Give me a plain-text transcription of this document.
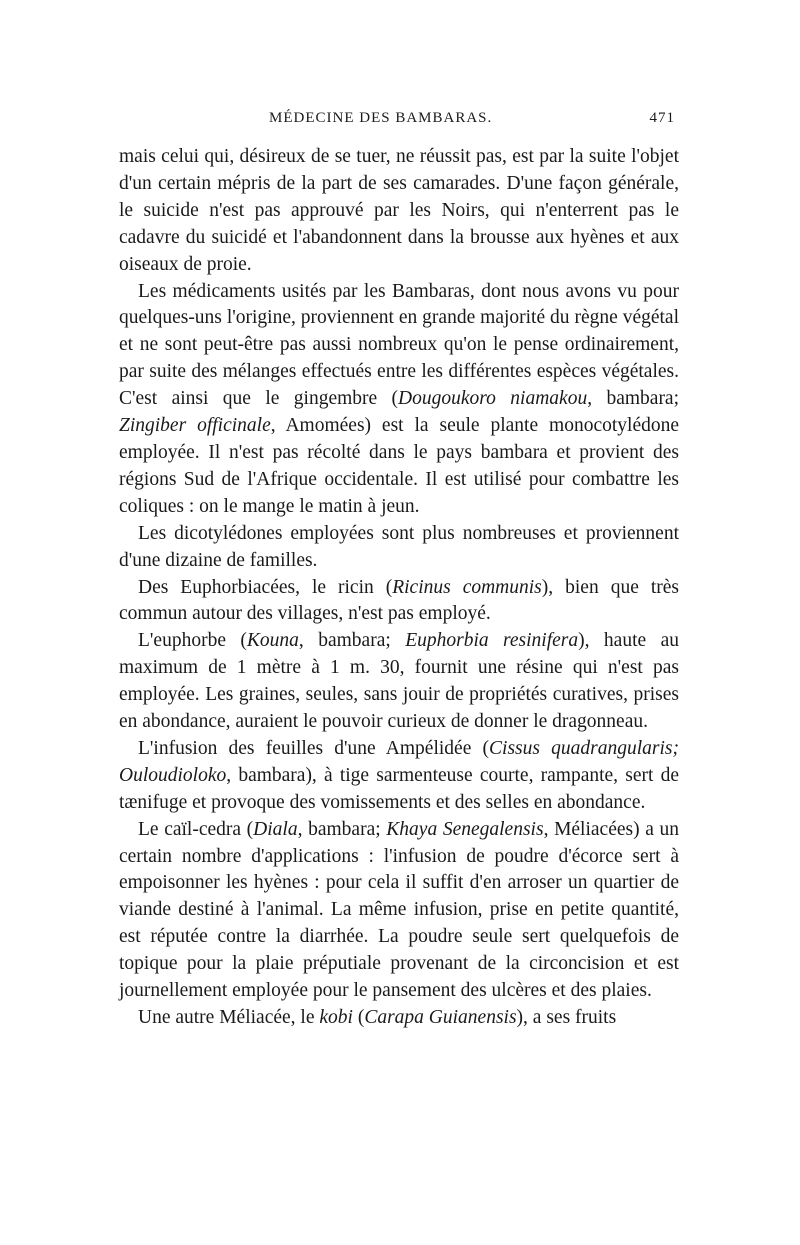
MÉDECINE DES BAMBARAS.	471

mais celui qui, désireux de se tuer, ne réussit pas, est par la suite l'objet d'un certain mépris de la part de ses camarades. D'une façon générale, le suicide n'est pas approuvé par les Noirs, qui n'enterrent pas le cadavre du suicidé et l'abandonnent dans la brousse aux hyènes et aux oiseaux de proie.

Les médicaments usités par les Bambaras, dont nous avons vu pour quelques-uns l'origine, proviennent en grande majorité du règne végétal et ne sont peut-être pas aussi nombreux qu'on le pense ordinairement, par suite des mélanges effectués entre les différentes espèces végétales. C'est ainsi que le gingembre (Dougoukoro niamakou, bambara; Zingiber officinale, Amomées) est la seule plante monocotylédone employée. Il n'est pas récolté dans le pays bambara et provient des régions Sud de l'Afrique occidentale. Il est utilisé pour combattre les coliques : on le mange le matin à jeun.

Les dicotylédones employées sont plus nombreuses et proviennent d'une dizaine de familles.

Des Euphorbiacées, le ricin (Ricinus communis), bien que très commun autour des villages, n'est pas employé.

L'euphorbe (Kouna, bambara; Euphorbia resinifera), haute au maximum de 1 mètre à 1 m. 30, fournit une résine qui n'est pas employée. Les graines, seules, sans jouir de propriétés curatives, prises en abondance, auraient le pouvoir curieux de donner le dragonneau.

L'infusion des feuilles d'une Ampélidée (Cissus quadrangularis; Ouloudioloko, bambara), à tige sarmenteuse courte, rampante, sert de tænifuge et provoque des vomissements et des selles en abondance.

Le caïl-cedra (Diala, bambara; Khaya Senegalensis, Méliacées) a un certain nombre d'applications : l'infusion de poudre d'écorce sert à empoisonner les hyènes : pour cela il suffit d'en arroser un quartier de viande destiné à l'animal. La même infusion, prise en petite quantité, est réputée contre la diarrhée. La poudre seule sert quelquefois de topique pour la plaie préputiale provenant de la circoncision et est journellement employée pour le pansement des ulcères et des plaies.

Une autre Méliacée, le kobi (Carapa Guianensis), a ses fruits
